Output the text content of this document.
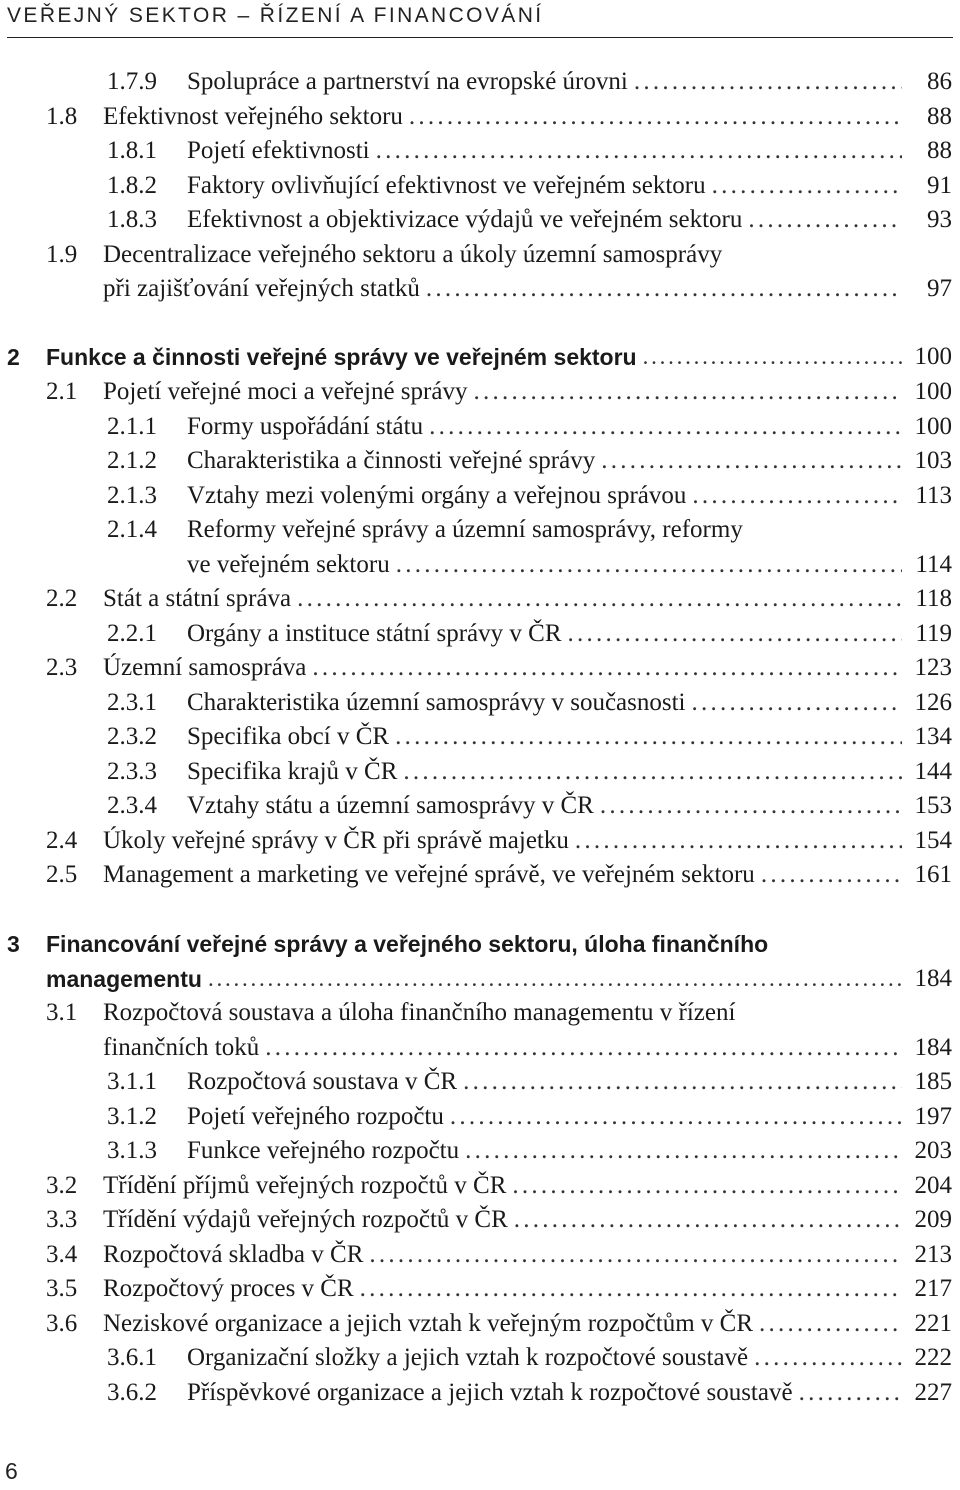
VEŘEJNÝ SEKTOR – ŘÍZENÍ A FINANCOVÁNÍ
1.7.9 Spolupráce a partnerství na evropské úrovni . . .	86
1.8 Efektivnost veřejného sektoru . . .	88
1.8.1 Pojetí efektivnosti . . .	88
1.8.2 Faktory ovlivňující efektivnost ve veřejném sektoru . . .	91
1.8.3 Efektivnost a objektivizace výdajů ve veřejném sektoru . . .	93
1.9 Decentralizace veřejného sektoru a úkoly územní samosprávy
při zajišťování veřejných statků . . .	97
2 Funkce a činnosti veřejné správy ve veřejném sektoru . . .	100
2.1 Pojetí veřejné moci a veřejné správy . . .	100
2.1.1 Formy uspořádání státu . . .	100
2.1.2 Charakteristika a činnosti veřejné správy . . .	103
2.1.3 Vztahy mezi volenými orgány a veřejnou správou . . .	113
2.1.4 Reformy veřejné správy a územní samosprávy, reformy
ve veřejném sektoru . . .	114
2.2 Stát a státní správa . . .	118
2.2.1 Orgány a instituce státní správy v ČR . . .	119
2.3 Územní samospráva . . .	123
2.3.1 Charakteristika územní samosprávy v současnosti . . .	126
2.3.2 Specifika obcí v ČR . . .	134
2.3.3 Specifika krajů v ČR . . .	144
2.3.4 Vztahy státu a územní samosprávy v ČR . . .	153
2.4 Úkoly veřejné správy v ČR při správě majetku . . .	154
2.5 Management a marketing ve veřejné správě, ve veřejném sektoru . . .	161
3 Financování veřejné správy a veřejného sektoru, úloha finančního
managementu . . .	184
3.1 Rozpočtová soustava a úloha finančního managementu v řízení
finančních toků . . .	184
3.1.1 Rozpočtová soustava v ČR . . .	185
3.1.2 Pojetí veřejného rozpočtu . . .	197
3.1.3 Funkce veřejného rozpočtu . . .	203
3.2 Třídění příjmů veřejných rozpočtů v ČR . . .	204
3.3 Třídění výdajů veřejných rozpočtů v ČR . . .	209
3.4 Rozpočtová skladba v ČR . . .	213
3.5 Rozpočtový proces v ČR . . .	217
3.6 Neziskové organizace a jejich vztah k veřejným rozpočtům v ČR . . .	221
3.6.1 Organizační složky a jejich vztah k rozpočtové soustavě . . .	222
3.6.2 Příspěvkové organizace a jejich vztah k rozpočtové soustavě . . .	227
6
